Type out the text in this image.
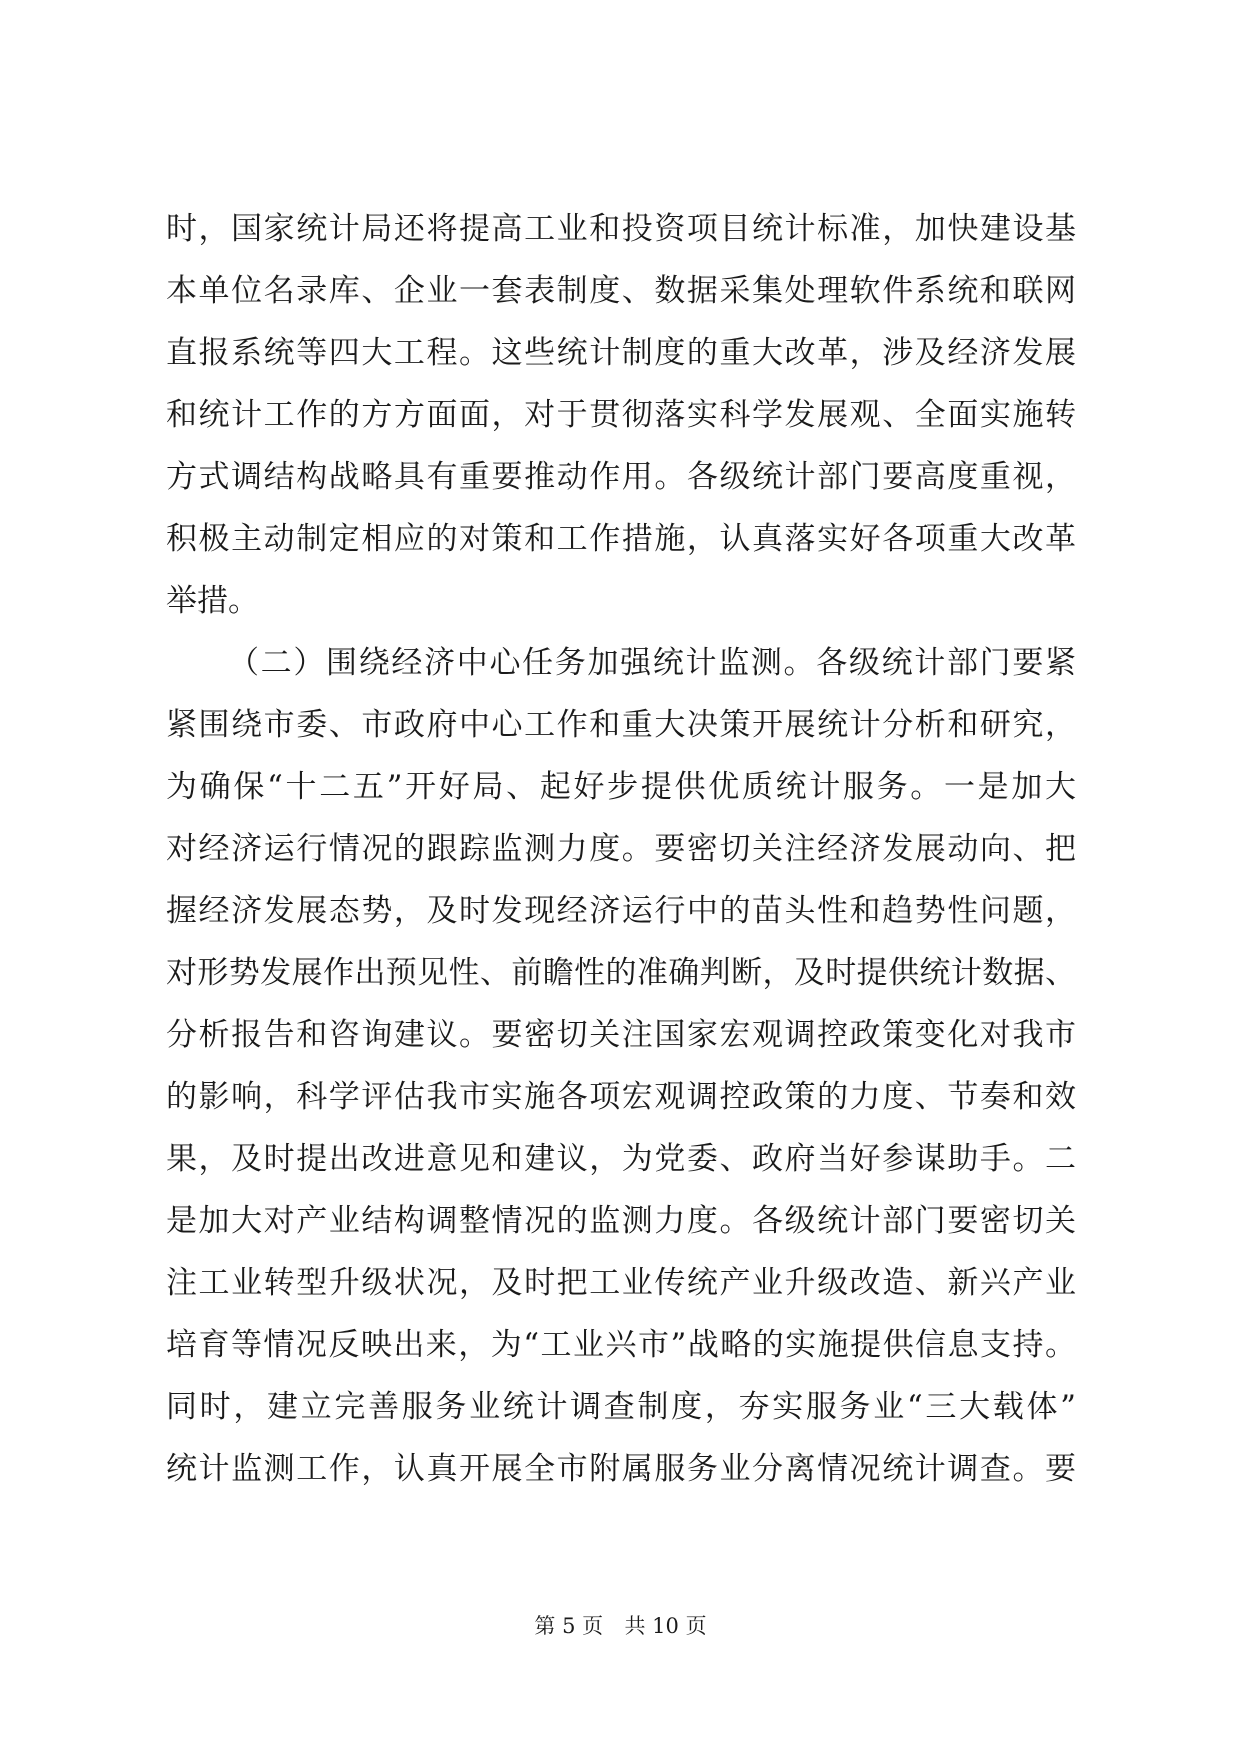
时，国家统计局还将提高工业和投资项目统计标准，加快建设基
本单位名录库、企业一套表制度、数据采集处理软件系统和联网
直报系统等四大工程。这些统计制度的重大改革，涉及经济发展
和统计工作的方方面面，对于贯彻落实科学发展观、全面实施转
方式调结构战略具有重要推动作用。各级统计部门要高度重视，
积极主动制定相应的对策和工作措施，认真落实好各项重大改革
举措。
（二）围绕经济中心任务加强统计监测。各级统计部门要紧
紧围绕市委、市政府中心工作和重大决策开展统计分析和研究，
为确保“十二五”开好局、起好步提供优质统计服务。一是加大
对经济运行情况的跟踪监测力度。要密切关注经济发展动向、把
握经济发展态势，及时发现经济运行中的苗头性和趋势性问题，
对形势发展作出预见性、前瞻性的准确判断，及时提供统计数据、
分析报告和咨询建议。要密切关注国家宏观调控政策变化对我市
的影响，科学评估我市实施各项宏观调控政策的力度、节奏和效
果，及时提出改进意见和建议，为党委、政府当好参谋助手。二
是加大对产业结构调整情况的监测力度。各级统计部门要密切关
注工业转型升级状况，及时把工业传统产业升级改造、新兴产业
培育等情况反映出来，为“工业兴市”战略的实施提供信息支持。
同时，建立完善服务业统计调查制度，夯实服务业“三大载体”
统计监测工作，认真开展全市附属服务业分离情况统计调查。要
第 5 页 共 10 页
